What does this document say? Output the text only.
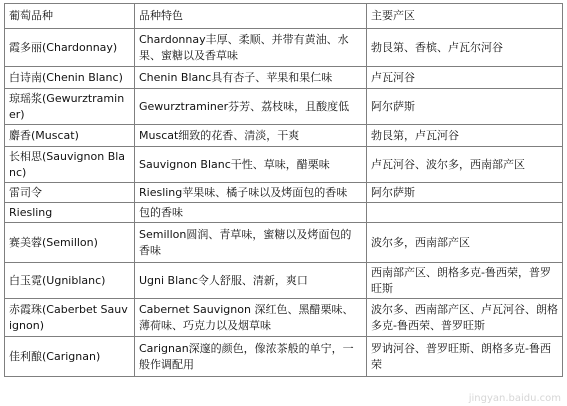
葡萄品种	品种特色	主要产区
霞多丽(Chardonnay)	Chardonnay丰厚、柔顺、并带有黄油、水果、蜜糖以及香草味	勃艮第、香槟、卢瓦尔河谷
白诗南(Chenin Blanc)	Chenin Blanc具有杏子、苹果和果仁味	卢瓦河谷
琼瑶浆(Gewurztraminer)	Gewurztraminer芬芳、荔枝味，且酸度低	阿尔萨斯
麝香(Muscat)	Muscat细致的花香、清淡，干爽	勃艮第，卢瓦河谷
长相思(Sauvignon Blanc)	Sauvignon Blanc干性、草味，醋栗味	卢瓦河谷、波尔多，西南部产区
雷司令	Riesling苹果味、橘子味以及烤面包的香味	阿尔萨斯
Riesling	包的香味	
赛美蓉(Semillon)	Semillon圆润、青草味，蜜糖以及烤面包的香味	波尔多，西南部产区
白玉霓(Ugniblanc)	Ugni Blanc令人舒服、清新，爽口	西南部产区、朗格多克-鲁西荣，普罗旺斯
赤霞珠(Caberbet Sauvignon)	Cabernet Sauvignon 深红色、黑醋栗味、薄荷味、巧克力以及烟草味	波尔多、西南部产区、卢瓦河谷、朗格多克-鲁西荣、普罗旺斯
佳利酿(Carignan)	Carignan深邃的颜色，像浓茶般的单宁，一般作调配用	罗讷河谷、普罗旺斯、朗格多克-鲁西荣
jingyan.baidu.com
